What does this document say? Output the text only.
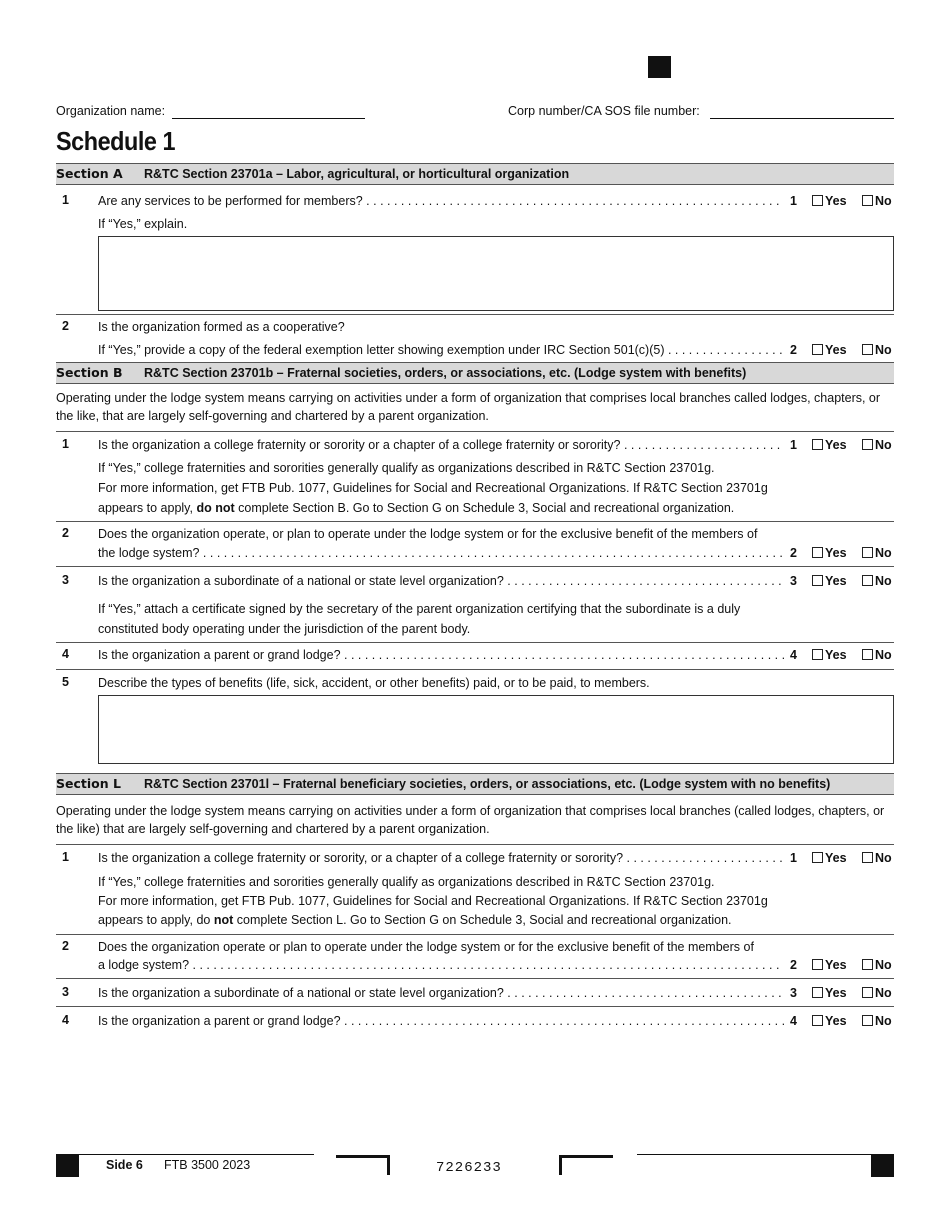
Organization name:	Corp number/CA SOS file number:
Schedule 1
Section A R&TC Section 23701a – Labor, agricultural, or horticultural organization
1 Are any services to be performed for members? . . .	1	Yes	No
If “Yes,” explain.
2 Is the organization formed as a cooperative?
If “Yes,” provide a copy of the federal exemption letter showing exemption under IRC Section 501(c)(5) . . .	2	Yes	No
Section B R&TC Section 23701b – Fraternal societies, orders, or associations, etc. (Lodge system with benefits)
Operating under the lodge system means carrying on activities under a form of organization that comprises local branches called lodges, chapters, or
the like, that are largely self-governing and chartered by a parent organization.
1 Is the organization a college fraternity or sorority or a chapter of a college fraternity or sorority? . . .	1	Yes	No
If “Yes,” college fraternities and sororities generally qualify as organizations described in R&TC Section 23701g.
For more information, get FTB Pub. 1077, Guidelines for Social and Recreational Organizations. If R&TC Section 23701g
appears to apply, do not complete Section B. Go to Section G on Schedule 3, Social and recreational organization.
2 Does the organization operate, or plan to operate under the lodge system or for the exclusive benefit of the members of
the lodge system? . . .	2	Yes	No
3 Is the organization a subordinate of a national or state level organization? . . .	3	Yes	No
If “Yes,” attach a certificate signed by the secretary of the parent organization certifying that the subordinate is a duly
constituted body operating under the jurisdiction of the parent body.
4 Is the organization a parent or grand lodge? . . .	4	Yes	No
5 Describe the types of benefits (life, sick, accident, or other benefits) paid, or to be paid, to members.
Section L R&TC Section 23701l – Fraternal beneficiary societies, orders, or associations, etc. (Lodge system with no benefits)
Operating under the lodge system means carrying on activities under a form of organization that comprises local branches (called lodges, chapters, or
the like) that are largely self-governing and chartered by a parent organization.
1 Is the organization a college fraternity or sorority, or a chapter of a college fraternity or sorority? . . .	1	Yes	No
If “Yes,” college fraternities and sororities generally qualify as organizations described in R&TC Section 23701g.
For more information, get FTB Pub. 1077, Guidelines for Social and Recreational Organizations. If R&TC Section 23701g
appears to apply, do not complete Section L. Go to Section G on Schedule 3, Social and recreational organization.
2 Does the organization operate or plan to operate under the lodge system or for the exclusive benefit of the members of
a lodge system? . . .	2	Yes	No
3 Is the organization a subordinate of a national or state level organization? . . .	3	Yes	No
4 Is the organization a parent or grand lodge? . . .	4	Yes	No
Side 6 FTB 3500 2023	7226233
